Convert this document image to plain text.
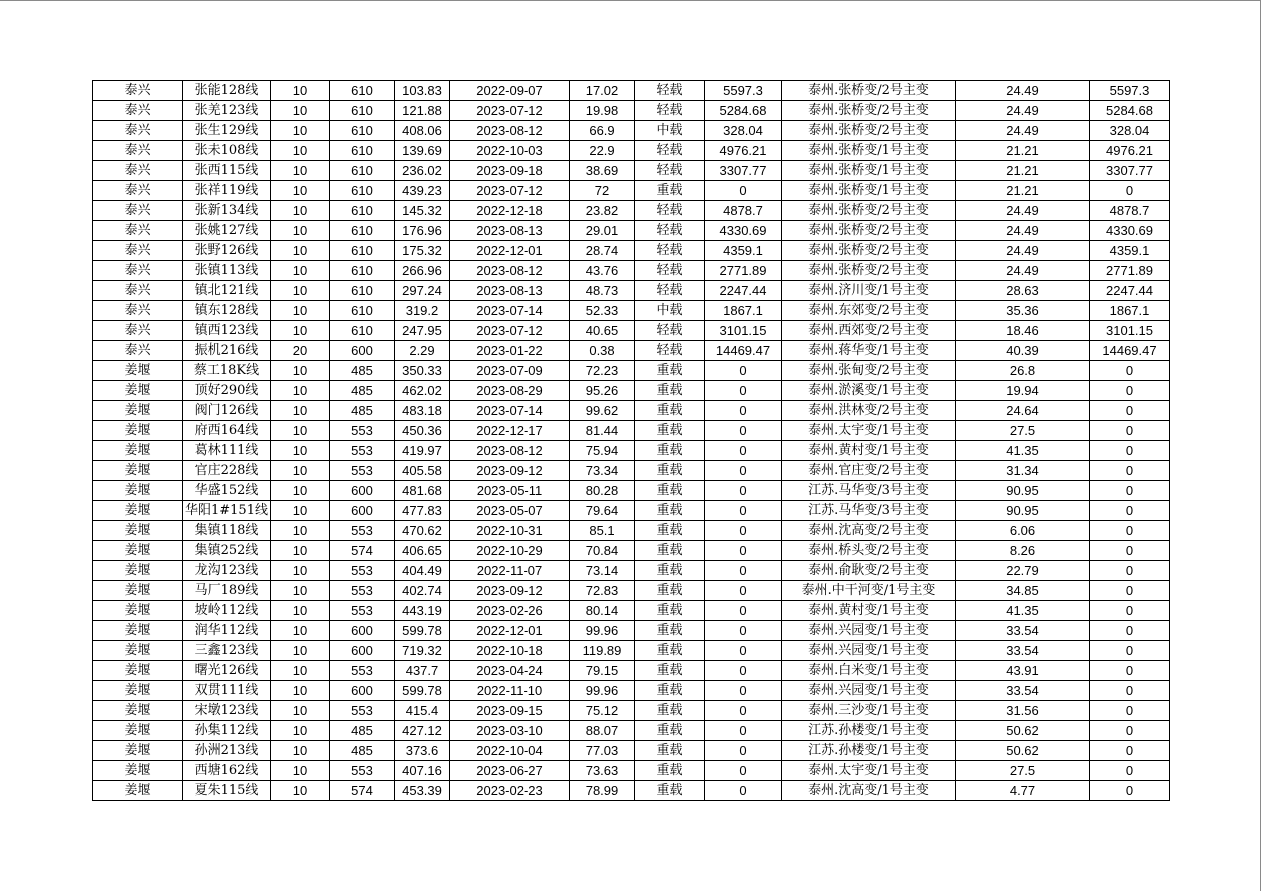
泰兴	张能128线	10	610	103.83	2022-09-07	17.02	轻载	5597.3	泰州.张桥变/2号主变	24.49	5597.3
泰兴	张羌123线	10	610	121.88	2023-07-12	19.98	轻载	5284.68	泰州.张桥变/2号主变	24.49	5284.68
泰兴	张生129线	10	610	408.06	2023-08-12	66.9	中载	328.04	泰州.张桥变/2号主变	24.49	328.04
泰兴	张未108线	10	610	139.69	2022-10-03	22.9	轻载	4976.21	泰州.张桥变/1号主变	21.21	4976.21
泰兴	张西115线	10	610	236.02	2023-09-18	38.69	轻载	3307.77	泰州.张桥变/1号主变	21.21	3307.77
泰兴	张祥119线	10	610	439.23	2023-07-12	72	重载	0	泰州.张桥变/1号主变	21.21	0
泰兴	张新134线	10	610	145.32	2022-12-18	23.82	轻载	4878.7	泰州.张桥变/2号主变	24.49	4878.7
泰兴	张姚127线	10	610	176.96	2023-08-13	29.01	轻载	4330.69	泰州.张桥变/2号主变	24.49	4330.69
泰兴	张野126线	10	610	175.32	2022-12-01	28.74	轻载	4359.1	泰州.张桥变/2号主变	24.49	4359.1
泰兴	张镇113线	10	610	266.96	2023-08-12	43.76	轻载	2771.89	泰州.张桥变/2号主变	24.49	2771.89
泰兴	镇北121线	10	610	297.24	2023-08-13	48.73	轻载	2247.44	泰州.济川变/1号主变	28.63	2247.44
泰兴	镇东128线	10	610	319.2	2023-07-14	52.33	中载	1867.1	泰州.东郊变/2号主变	35.36	1867.1
泰兴	镇西123线	10	610	247.95	2023-07-12	40.65	轻载	3101.15	泰州.西郊变/2号主变	18.46	3101.15
泰兴	振机216线	20	600	2.29	2023-01-22	0.38	轻载	14469.47	泰州.蒋华变/1号主变	40.39	14469.47
姜堰	蔡工18K线	10	485	350.33	2023-07-09	72.23	重载	0	泰州.张甸变/2号主变	26.8	0
姜堰	顶好290线	10	485	462.02	2023-08-29	95.26	重载	0	泰州.淤溪变/1号主变	19.94	0
姜堰	阀门126线	10	485	483.18	2023-07-14	99.62	重载	0	泰州.洪林变/2号主变	24.64	0
姜堰	府西164线	10	553	450.36	2022-12-17	81.44	重载	0	泰州.太宇变/1号主变	27.5	0
姜堰	葛林111线	10	553	419.97	2023-08-12	75.94	重载	0	泰州.黄村变/1号主变	41.35	0
姜堰	官庄228线	10	553	405.58	2023-09-12	73.34	重载	0	泰州.官庄变/2号主变	31.34	0
姜堰	华盛152线	10	600	481.68	2023-05-11	80.28	重载	0	江苏.马华变/3号主变	90.95	0
姜堰	华阳1#151线	10	600	477.83	2023-05-07	79.64	重载	0	江苏.马华变/3号主变	90.95	0
姜堰	集镇118线	10	553	470.62	2022-10-31	85.1	重载	0	泰州.沈高变/2号主变	6.06	0
姜堰	集镇252线	10	574	406.65	2022-10-29	70.84	重载	0	泰州.桥头变/2号主变	8.26	0
姜堰	龙沟123线	10	553	404.49	2022-11-07	73.14	重载	0	泰州.俞耿变/2号主变	22.79	0
姜堰	马厂189线	10	553	402.74	2023-09-12	72.83	重载	0	泰州.中干河变/1号主变	34.85	0
姜堰	坡岭112线	10	553	443.19	2023-02-26	80.14	重载	0	泰州.黄村变/1号主变	41.35	0
姜堰	润华112线	10	600	599.78	2022-12-01	99.96	重载	0	泰州.兴园变/1号主变	33.54	0
姜堰	三鑫123线	10	600	719.32	2022-10-18	119.89	重载	0	泰州.兴园变/1号主变	33.54	0
姜堰	曙光126线	10	553	437.7	2023-04-24	79.15	重载	0	泰州.白米变/1号主变	43.91	0
姜堰	双贯111线	10	600	599.78	2022-11-10	99.96	重载	0	泰州.兴园变/1号主变	33.54	0
姜堰	宋墩123线	10	553	415.4	2023-09-15	75.12	重载	0	泰州.三沙变/1号主变	31.56	0
姜堰	孙集112线	10	485	427.12	2023-03-10	88.07	重载	0	江苏.孙楼变/1号主变	50.62	0
姜堰	孙洲213线	10	485	373.6	2022-10-04	77.03	重载	0	江苏.孙楼变/1号主变	50.62	0
姜堰	西塘162线	10	553	407.16	2023-06-27	73.63	重载	0	泰州.太宇变/1号主变	27.5	0
姜堰	夏朱115线	10	574	453.39	2023-02-23	78.99	重载	0	泰州.沈高变/1号主变	4.77	0
